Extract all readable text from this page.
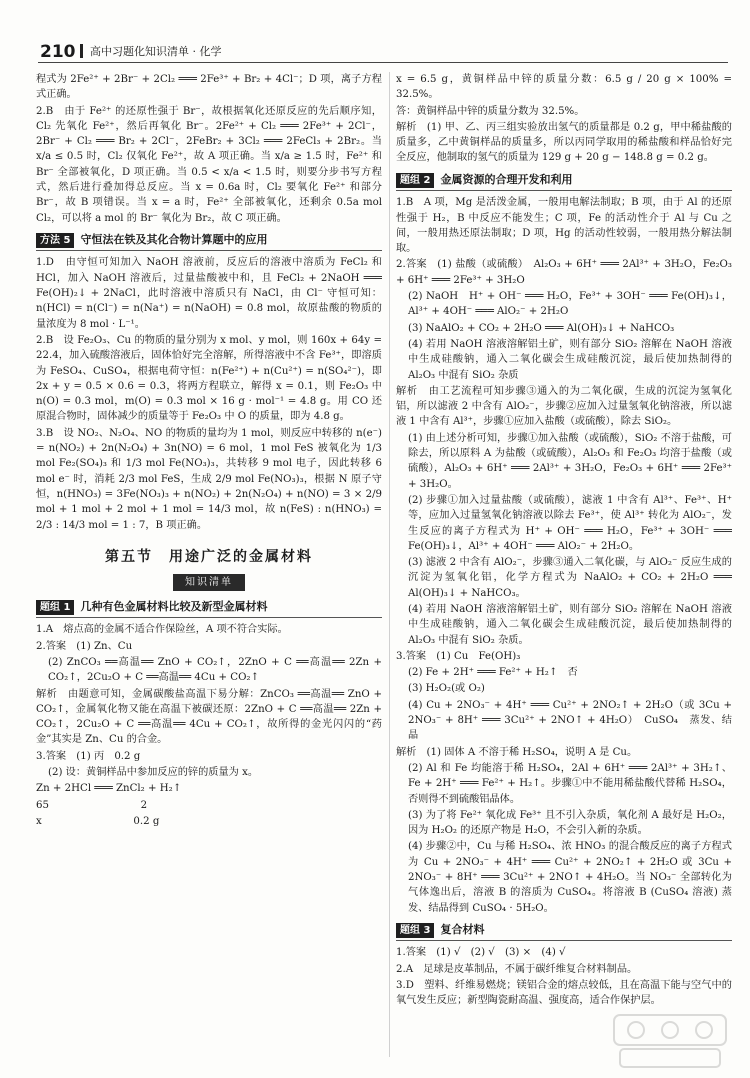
210 高中习题化知识清单 · 化学

程式为 2Fe²⁺ + 2Br⁻ + 2Cl₂ ═══ 2Fe³⁺ + Br₂ + 4Cl⁻；D 项，离子方程式正确。

2.B　由于 Fe²⁺ 的还原性强于 Br⁻，故根据氧化还原反应的先后顺序知，Cl₂ 先氧化 Fe²⁺，然后再氧化 Br⁻。2Fe²⁺ + Cl₂ ═══ 2Fe³⁺ + 2Cl⁻，2Br⁻ + Cl₂ ═══ Br₂ + 2Cl⁻，2FeBr₂ + 3Cl₂ ═══ 2FeCl₃ + 2Br₂。当 x/a ≤ 0.5 时，Cl₂ 仅氧化 Fe²⁺，故 A 项正确。当 x/a ≥ 1.5 时，Fe²⁺ 和 Br⁻ 全部被氧化，D 项正确。当 0.5 < x/a < 1.5 时，则要分步书写方程式，然后进行叠加得总反应。当 x = 0.6a 时，Cl₂ 要氧化 Fe²⁺ 和部分 Br⁻，故 B 项错误。当 x = a 时，Fe²⁺ 全部被氧化，还剩余 0.5a mol Cl₂，可以将 a mol 的 Br⁻ 氧化为 Br₂，故 C 项正确。

方法 5 守恒法在铁及其化合物计算题中的应用

1.D　由守恒可知加入 NaOH 溶液前，反应后的溶液中溶质为 FeCl₂ 和 HCl，加入 NaOH 溶液后，过量盐酸被中和，且 FeCl₂ + 2NaOH ═══ Fe(OH)₂↓ + 2NaCl，此时溶液中溶质只有 NaCl，由 Cl⁻ 守恒可知：n(HCl) = n(Cl⁻) = n(Na⁺) = n(NaOH) = 0.8 mol，故原盐酸的物质的量浓度为 8 mol · L⁻¹。

2.B　设 Fe₂O₃、Cu 的物质的量分别为 x mol、y mol，则 160x + 64y = 22.4，加入硫酸溶液后，固体恰好完全溶解，所得溶液中不含 Fe³⁺，即溶质为 FeSO₄、CuSO₄，根据电荷守恒：n(Fe²⁺) + n(Cu²⁺) = n(SO₄²⁻)，即 2x + y = 0.5 × 0.6 = 0.3，将两方程联立，解得 x = 0.1，则 Fe₂O₃ 中 n(O) = 0.3 mol，m(O) = 0.3 mol × 16 g · mol⁻¹ = 4.8 g。用 CO 还原混合物时，固体减少的质量等于 Fe₂O₃ 中 O 的质量，即为 4.8 g。

3.B　设 NO₂、N₂O₄、NO 的物质的量均为 1 mol，则反应中转移的 n(e⁻) = n(NO₂) + 2n(N₂O₄) + 3n(NO) = 6 mol，1 mol FeS 被氧化为 1/3 mol Fe₂(SO₄)₃ 和 1/3 mol Fe(NO₃)₃，共转移 9 mol 电子，因此转移 6 mol e⁻ 时，消耗 2/3 mol FeS，生成 2/9 mol Fe(NO₃)₃，根据 N 原子守恒，n(HNO₃) = 3Fe(NO₃)₃ + n(NO₂) + 2n(N₂O₄) + n(NO) = 3 × 2/9 mol + 1 mol + 2 mol + 1 mol = 14/3 mol，故 n(FeS) : n(HNO₃) = 2/3 : 14/3 mol = 1 : 7，B 项正确。

第五节　用途广泛的金属材料
知识清单
题组 1 几种有色金属材料比较及新型金属材料

1.A　熔点高的金属不适合作保险丝，A 项不符合实际。

2.答案　(1) Zn、Cu

(2) ZnCO₃ ══高温══ ZnO + CO₂↑，2ZnO + C ══高温══ 2Zn + CO₂↑，2Cu₂O + C ══高温══ 4Cu + CO₂↑

解析　由题意可知，金属碳酸盐高温下易分解：ZnCO₃ ══高温══ ZnO + CO₂↑，金属氧化物又能在高温下被碳还原：2ZnO + C ══高温══ 2Zn + CO₂↑，2Cu₂O + C ══高温══ 4Cu + CO₂↑，故所得的金光闪闪的“药金”其实是 Zn、Cu 的合金。

3.答案　(1) 丙　0.2 g

(2) 设：黄铜样品中参加反应的锌的质量为 x。

Zn + 2HCl ═══ ZnCl₂ + H₂↑

65　　　　　　　　　2

x　　　　　　　　　0.2 g

x = 6.5 g，黄铜样品中锌的质量分数：6.5 g / 20 g × 100% = 32.5%。

答：黄铜样品中锌的质量分数为 32.5%。

解析　(1) 甲、乙、丙三组实验放出氢气的质量都是 0.2 g，甲中稀盐酸的质量多，乙中黄铜样品的质量多，所以丙同学取用的稀盐酸和样品恰好完全反应，他制取的氢气的质量为 129 g + 20 g − 148.8 g = 0.2 g。

题组 2 金属资源的合理开发和利用

1.B　A 项，Mg 是活泼金属，一般用电解法制取；B 项，由于 Al 的还原性强于 H₂，B 中反应不能发生；C 项，Fe 的活动性介于 Al 与 Cu 之间，一般用热还原法制取；D 项，Hg 的活动性较弱，一般用热分解法制取。

2.答案　(1) 盐酸（或硫酸）　Al₂O₃ + 6H⁺ ═══ 2Al³⁺ + 3H₂O，Fe₂O₃ + 6H⁺ ═══ 2Fe³⁺ + 3H₂O

(2) NaOH　H⁺ + OH⁻ ═══ H₂O，Fe³⁺ + 3OH⁻ ═══ Fe(OH)₃↓，Al³⁺ + 4OH⁻ ═══ AlO₂⁻ + 2H₂O

(3) NaAlO₂ + CO₂ + 2H₂O ═══ Al(OH)₃↓ + NaHCO₃

(4) 若用 NaOH 溶液溶解铝土矿，则有部分 SiO₂ 溶解在 NaOH 溶液中生成硅酸钠，通入二氧化碳会生成硅酸沉淀，最后使加热制得的 Al₂O₃ 中混有 SiO₂ 杂质

解析　由工艺流程可知步骤③通入的为二氧化碳，生成的沉淀为氢氧化铝，所以滤液 2 中含有 AlO₂⁻，步骤②应加入过量氢氧化钠溶液，所以滤液 1 中含有 Al³⁺，步骤①应加入盐酸（或硫酸），除去 SiO₂。

(1) 由上述分析可知，步骤①加入盐酸（或硫酸），SiO₂ 不溶于盐酸，可除去，所以原料 A 为盐酸（或硫酸），Al₂O₃ 和 Fe₂O₃ 均溶于盐酸（或硫酸），Al₂O₃ + 6H⁺ ═══ 2Al³⁺ + 3H₂O，Fe₂O₃ + 6H⁺ ═══ 2Fe³⁺ + 3H₂O。

(2) 步骤①加入过量盐酸（或硫酸），滤液 1 中含有 Al³⁺、Fe³⁺、H⁺ 等，应加入过量氢氧化钠溶液以除去 Fe³⁺，使 Al³⁺ 转化为 AlO₂⁻，发生反应的离子方程式为 H⁺ + OH⁻ ═══ H₂O，Fe³⁺ + 3OH⁻ ═══ Fe(OH)₃↓，Al³⁺ + 4OH⁻ ═══ AlO₂⁻ + 2H₂O。

(3) 滤液 2 中含有 AlO₂⁻，步骤③通入二氧化碳，与 AlO₂⁻ 反应生成的沉淀为氢氧化铝，化学方程式为 NaAlO₂ + CO₂ + 2H₂O ═══ Al(OH)₃↓ + NaHCO₃。

(4) 若用 NaOH 溶液溶解铝土矿，则有部分 SiO₂ 溶解在 NaOH 溶液中生成硅酸钠，通入二氧化碳会生成硅酸沉淀，最后使加热制得的 Al₂O₃ 中混有 SiO₂ 杂质。

3.答案　(1) Cu　Fe(OH)₃

(2) Fe + 2H⁺ ═══ Fe²⁺ + H₂↑　否

(3) H₂O₂(或 O₂)

(4) Cu + 2NO₃⁻ + 4H⁺ ═══ Cu²⁺ + 2NO₂↑ + 2H₂O（或 3Cu + 2NO₃⁻ + 8H⁺ ═══ 3Cu²⁺ + 2NO↑ + 4H₂O）　CuSO₄　蒸发、结晶

解析　(1) 固体 A 不溶于稀 H₂SO₄，说明 A 是 Cu。

(2) Al 和 Fe 均能溶于稀 H₂SO₄，2Al + 6H⁺ ═══ 2Al³⁺ + 3H₂↑、Fe + 2H⁺ ═══ Fe²⁺ + H₂↑。步骤①中不能用稀盐酸代替稀 H₂SO₄，否则得不到硫酸铝晶体。

(3) 为了将 Fe²⁺ 氧化成 Fe³⁺ 且不引入杂质，氧化剂 A 最好是 H₂O₂，因为 H₂O₂ 的还原产物是 H₂O，不会引入新的杂质。

(4) 步骤②中，Cu 与稀 H₂SO₄、浓 HNO₃ 的混合酸反应的离子方程式为 Cu + 2NO₃⁻ + 4H⁺ ═══ Cu²⁺ + 2NO₂↑ + 2H₂O 或 3Cu + 2NO₃⁻ + 8H⁺ ═══ 3Cu²⁺ + 2NO↑ + 4H₂O。当 NO₃⁻ 全部转化为气体逸出后，溶液 B 的溶质为 CuSO₄。将溶液 B (CuSO₄ 溶液) 蒸发、结晶得到 CuSO₄ · 5H₂O。

题组 3 复合材料

1.答案　(1) √　(2) √　(3) ×　(4) √

2.A　足球是皮革制品，不属于碳纤维复合材料制品。

3.D　塑料、纤维易燃烧；镁铝合金的熔点较低，且在高温下能与空气中的氧气发生反应；新型陶瓷耐高温、强度高，适合作保护层。
